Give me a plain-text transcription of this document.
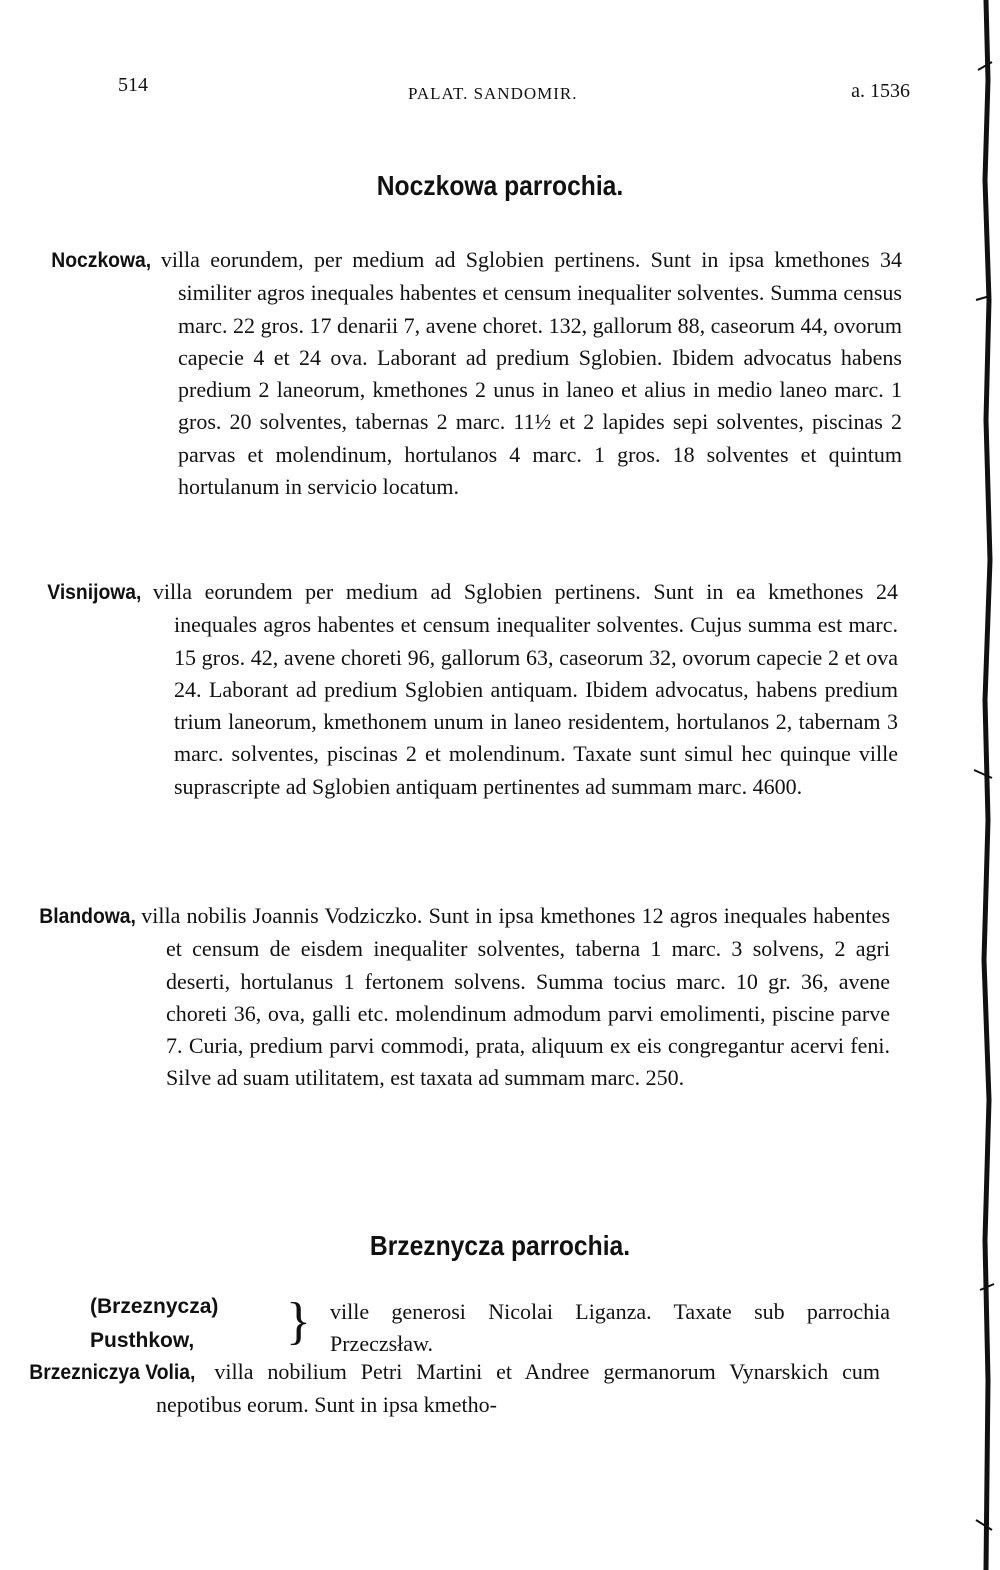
514	PALAT. SANDOMIR.	a. 1536
Noczkowa parrochia.

Noczkowa, villa eorundem, per medium ad Sglobien pertinens. Sunt in ipsa kmethones 34 similiter agros inequales habentes et censum inequaliter solventes. Summa census marc. 22 gros. 17 denarii 7, avene choret. 132, gallorum 88, caseorum 44, ovorum capecie 4 et 24 ova. Laborant ad predium Sglobien. Ibidem advocatus habens predium 2 laneorum, kmethones 2 unus in laneo et alius in medio laneo marc. 1 gros. 20 solventes, tabernas 2 marc. 11½ et 2 lapides sepi solventes, piscinas 2 parvas et molendinum, hortulanos 4 marc. 1 gros. 18 solventes et quintum hortulanum in servicio locatum.

Visnijowa, villa eorundem per medium ad Sglobien pertinens. Sunt in ea kmethones 24 inequales agros habentes et censum inequaliter solventes. Cujus summa est marc. 15 gros. 42, avene choreti 96, gallorum 63, caseorum 32, ovorum capecie 2 et ova 24. Laborant ad predium Sglobien antiquam. Ibidem advocatus, habens predium trium laneorum, kmethonem unum in laneo residentem, hortulanos 2, tabernam 3 marc. solventes, piscinas 2 et molendinum. Taxate sunt simul hec quinque ville suprascripte ad Sglobien antiquam pertinentes ad summam marc. 4600.

Blandowa, villa nobilis Joannis Vodziczko. Sunt in ipsa kmethones 12 agros inequales habentes et censum de eisdem inequaliter solventes, taberna 1 marc. 3 solvens, 2 agri deserti, hortulanus 1 fertonem solvens. Summa tocius marc. 10 gr. 36, avene choreti 36, ova, galli etc. molendinum admodum parvi emolimenti, piscine parve 7. Curia, predium parvi commodi, prata, aliquum ex eis congregantur acervi feni. Silve ad suam utilitatem, est taxata ad summam marc. 250.

Brzeznycza parrochia.
(Brzeznycza)
Pusthkow,	} ville generosi Nicolai Liganza. Taxate sub parrochia Przeczsław.

Brzezniczya Volia, villa nobilium Petri Martini et Andree germanorum Vynarskich cum nepotibus eorum. Sunt in ipsa kmetho-
